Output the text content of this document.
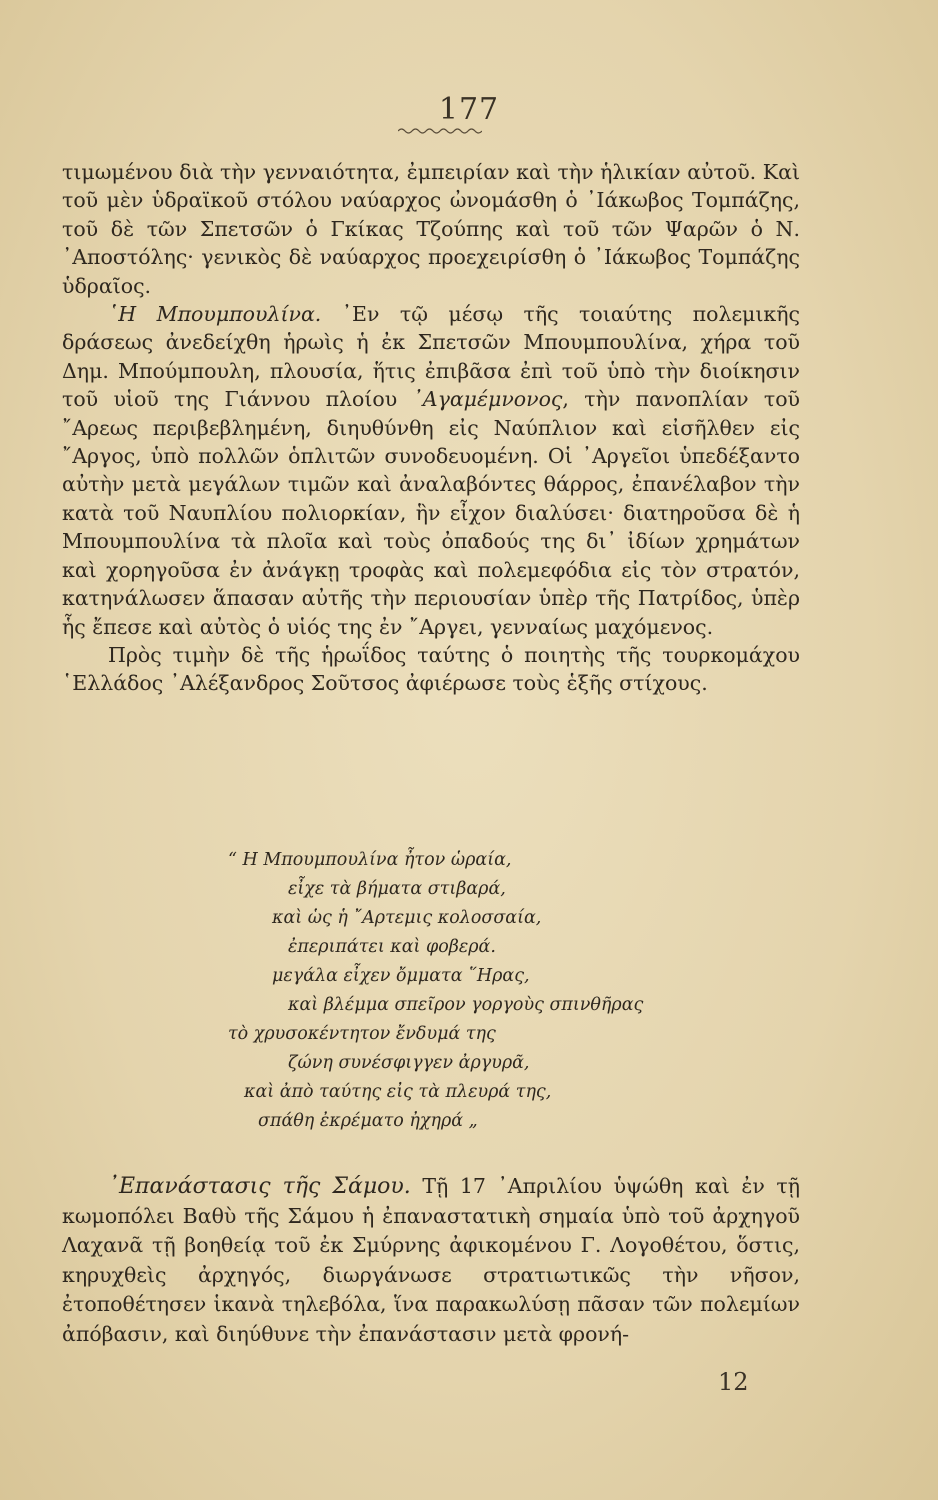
177

τιμωμένου διὰ τὴν γενναιότητα, ἐμπειρίαν καὶ τὴν ἡλικίαν αὐτοῦ. Καὶ τοῦ μὲν ὑδραϊκοῦ στόλου ναύαρχος ὠνομάσθη ὁ ᾿Ιάκωβος Τομπάζης, τοῦ δὲ τῶν Σπετσῶν ὁ Γκίκας Τζούπης καὶ τοῦ τῶν Ψαρῶν ὁ Ν. ᾿Αποστόλης· γενικὸς δὲ ναύαρχος προεχειρίσθη ὁ ᾿Ιάκωβος Τομπάζης ὑδραῖος.

῾Η Μπουμπουλίνα. ᾿Εν τῷ μέσῳ τῆς τοιαύτης πολεμικῆς δράσεως ἀνεδείχθη ἡρωὶς ἡ ἐκ Σπετσῶν Μπουμπουλίνα, χήρα τοῦ Δημ. Μπούμπουλη, πλουσία, ἥτις ἐπιβᾶσα ἐπὶ τοῦ ὑπὸ τὴν διοίκησιν τοῦ υἱοῦ της Γιάννου πλοίου ᾿Αγαμέμνονος, τὴν πανοπλίαν τοῦ ῎Αρεως περιβεβλημένη, διηυθύνθη εἰς Ναύπλιον καὶ εἰσῆλθεν εἰς ῎Αργος, ὑπὸ πολλῶν ὁπλιτῶν συνοδευομένη. Οἱ ᾿Αργεῖοι ὑπεδέξαντο αὐτὴν μετὰ μεγάλων τιμῶν καὶ ἀναλαβόντες θάρρος, ἐπανέλαβον τὴν κατὰ τοῦ Ναυπλίου πολιορκίαν, ἣν εἶχον διαλύσει· διατηροῦσα δὲ ἡ Μπουμπουλίνα τὰ πλοῖα καὶ τοὺς ὀπαδούς της δι᾿ ἰδίων χρημάτων καὶ χορηγοῦσα ἐν ἀνάγκῃ τροφὰς καὶ πολεμεφόδια εἰς τὸν στρατόν, κατηνάλωσεν ἅπασαν αὐτῆς τὴν περιουσίαν ὑπὲρ τῆς Πατρίδος, ὑπὲρ ἧς ἔπεσε καὶ αὐτὸς ὁ υἱός της ἐν ῎Αργει, γενναίως μαχόμενος.

Πρὸς τιμὴν δὲ τῆς ἡρωΐδος ταύτης ὁ ποιητὴς τῆς τουρκομάχου ῾Ελλάδος ᾿Αλέξανδρος Σοῦτσος ἀφιέρωσε τοὺς ἑξῆς στίχους.

“ Η Μπουμπουλίνα ἦτον ὡραία,
εἶχε τὰ βήματα στιβαρά,
καὶ ὡς ἡ ῎Αρτεμις κολοσσαία,
ἐπεριπάτει καὶ φοβερά.
μεγάλα εἶχεν ὄμματα ῞Ηρας,
καὶ βλέμμα σπεῖρον γοργοὺς σπινθῆρας
τὸ χρυσοκέντητον ἔνδυμά της
ζώνη συνέσφιγγεν ἀργυρᾶ,
καὶ ἀπὸ ταύτης εἰς τὰ πλευρά της,
σπάθη ἐκρέματο ἠχηρά „

᾿Επανάστασις τῆς Σάμου. Τῇ 17 ᾿Απριλίου ὑψώθη καὶ ἐν τῇ κωμοπόλει Βαθὺ τῆς Σάμου ἡ ἐπαναστατικὴ σημαία ὑπὸ τοῦ ἀρχηγοῦ Λαχανᾶ τῇ βοηθείᾳ τοῦ ἐκ Σμύρνης ἀφικομένου Γ. Λογοθέτου, ὅστις, κηρυχθεὶς ἀρχηγός, διωργάνωσε στρατιωτικῶς τὴν νῆσον, ἐτοποθέτησεν ἱκανὰ τηλεβόλα, ἵνα παρακωλύσῃ πᾶσαν τῶν πολεμίων ἀπόβασιν, καὶ διηύθυνε τὴν ἐπανάστασιν μετὰ φρονή-

12
